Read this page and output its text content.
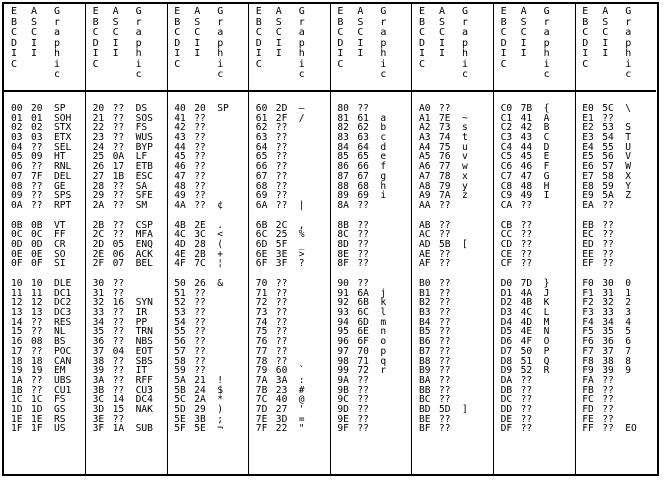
E
B
C
D
I
C
A
S
C
I
I
G
r
a
p
h
i
c
00 20 SP
01 01 SOH
02 02 STX
03 03 ETX
04 ?? SEL
05 09 HT
06 ?? RNL
07 7F DEL
08 ?? GE
09 ?? SPS
0A ?? RPT
0B 0B VT
0C 0C FF
0D 0D CR
0E 0E SO
0F 0F SI
10 10 DLE
11 11 DC1
12 12 DC2
13 13 DC3
14 ?? RES
15 ?? NL
16 08 BS
17 ?? POC
18 18 CAN
19 19 EM
1A ?? UBS
1B ?? CU1
1C 1C FS
1D 1D GS
1E 1E RS
1F 1F US
E
B
C
D
I
C
A
S
C
I
I
G
r
a
p
h
i
c
20 ?? DS
21 ?? SOS
22 ?? FS
23 ?? WUS
24 ?? BYP
25 0A LF
26 17 ETB
27 1B ESC
28 ?? SA
29 ?? SFE
2A ?? SM
2B ?? CSP
2C ?? MFA
2D 05 ENQ
2E 06 ACK
2F 07 BEL
30 ??
31 ??
32 16 SYN
33 ?? IR
34 ?? PP
35 ?? TRN
36 ?? NBS
37 04 EOT
38 ?? SBS
39 ?? IT
3A ?? RFF
3B ?? CU3
3C 14 DC4
3D 15 NAK
3E ??
3F 1A SUB
E
B
C
D
I
C
A
S
C
I
I
G
r
a
p
h
i
c
40 20 SP
41 ??
42 ??
43 ??
44 ??
45 ??
46 ??
47 ??
48 ??
49 ??
4A ?? ¢
4B 2E .
4C 3C <
4D 28 (
4E 2B +
4F 7C ¦
50 26 &
51 ??
52 ??
53 ??
54 ??
55 ??
56 ??
57 ??
58 ??
59 ??
5A 21 !
5B 24 $
5C 2A *
5D 29 )
5E 3B ;
5F 5E ¬
E
B
C
D
I
C
A
S
C
I
I
G
r
a
p
h
i
c
60 2D —
61 2F /
62 ??
63 ??
64 ??
65 ??
66 ??
67 ??
68 ??
69 ??
6A ?? |
6B 2C ,
6C 25 %
6D 5F _
6E 3E >
6F 3F ?
70 ??
71 ??
72 ??
73 ??
74 ??
75 ??
76 ??
77 ??
78 ??
79 60 `
7A 3A :
7B 23 #
7C 40 @
7D 27 '
7E 3D =
7F 22 "
E
B
C
D
I
C
A
S
C
I
I
G
r
a
p
h
i
c
80 ??
81 61 a
82 62 b
83 63 c
84 64 d
85 65 e
86 66 f
87 67 g
88 68 h
89 69 i
8A ??
8B ??
8C ??
8D ??
8E ??
8F ??
90 ??
91 6A j
92 6B k
93 6C l
94 6D m
95 6E n
96 6F o
97 70 p
98 71 q
99 72 r
9A ??
9B ??
9C ??
9D ??
9E ??
9F ??
E
B
C
D
I
C
A
S
C
I
I
G
r
a
p
h
i
c
A0 ??
A1 7E ~
A2 73 s
A3 74 t
A4 75 u
A5 76 v
A6 77 w
A7 78 x
A8 79 y
A9 7A z
AA ??
AB ??
AC ??
AD 5B [
AE ??
AF ??
B0 ??
B1 ??
B2 ??
B3 ??
B4 ??
B5 ??
B6 ??
B7 ??
B8 ??
B9 ??
BA ??
BB ??
BC ??
BD 5D ]
BE ??
BF ??
E
B
C
D
I
C
A
S
C
I
I
G
r
a
p
h
i
c
C0 7B {
C1 41 A
C2 42 B
C3 43 C
C4 44 D
C5 45 E
C6 46 F
C7 47 G
C8 48 H
C9 49 I
CA ??
CB ??
CC ??
CD ??
CE ??
CF ??
D0 7D }
D1 4A J
D2 4B K
D3 4C L
D4 4D M
D5 4E N
D6 4F O
D7 50 P
D8 51 Q
D9 52 R
DA ??
DB ??
DC ??
DD ??
DE ??
DF ??
E
B
C
D
I
C
A
S
C
I
I
G
r
a
p
h
i
c
E0 5C \
E1 ??
E2 53 S
E3 54 T
E4 55 U
E5 56 V
E6 57 W
E7 58 X
E8 59 Y
E9 5A Z
EA ??
EB ??
EC ??
ED ??
EE ??
EF ??
F0 30 0
F1 31 1
F2 32 2
F3 33 3
F4 34 4
F5 35 5
F6 36 6
F7 37 7
F8 38 8
F9 39 9
FA ??
FB ??
FC ??
FD ??
FE ??
FF ?? EO
